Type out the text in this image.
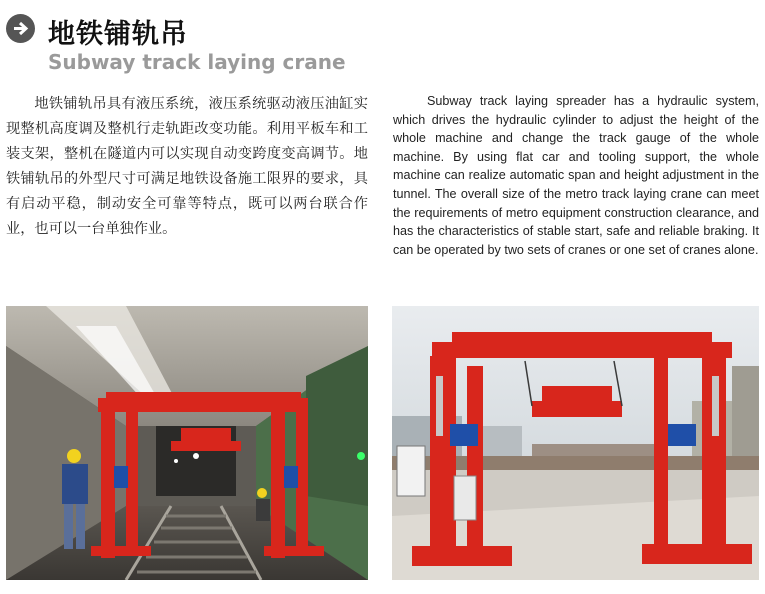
地铁铺轨吊
Subway track laying crane

地铁铺轨吊具有液压系统，液压系统驱动液压油缸实现整机高度调及整机行走轨距改变功能。利用平板车和工装支架，整机在隧道内可以实现自动变跨度变高调节。地铁铺轨吊的外型尺寸可满足地铁设备施工限界的要求，具有启动平稳，制动安全可靠等特点，既可以两台联合作业，也可以一台单独作业。

Subway track laying spreader has a hydraulic system, which drives the hydraulic cylinder to adjust the height of the whole machine and change the track gauge of the whole machine. By using flat car and tooling support, the whole machine can realize automatic span and height adjustment in the tunnel. The overall size of the metro track laying crane can meet the requirements of metro equipment construction clearance, and has the characteristics of stable start, safe and reliable braking. It can be operated by two sets of cranes or one set of cranes alone.
